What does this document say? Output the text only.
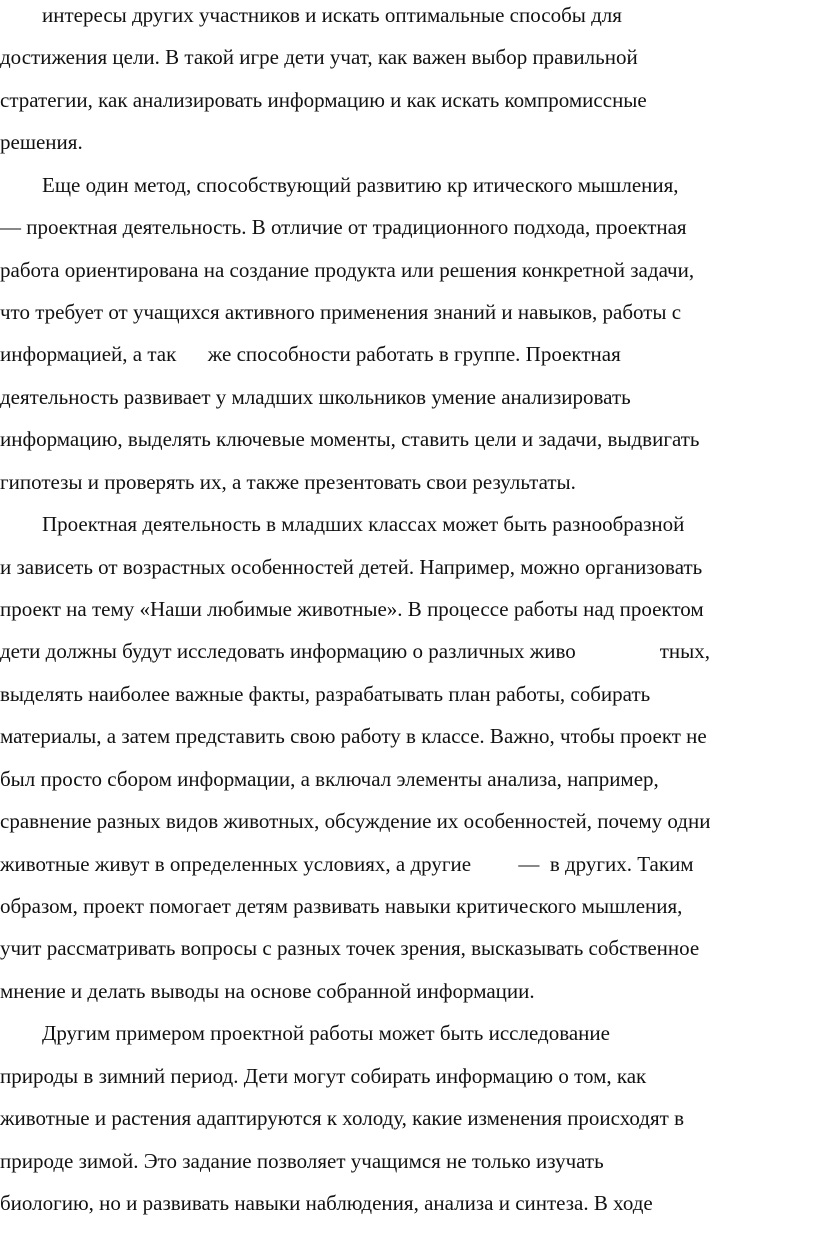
интересы других участников и искать оптимальные способы для

достижения цели. В такой игре дети учат, как важен выбор правильной

стратегии, как анализировать информацию и как искать компромиссные

решения.

Еще один метод, способствующий развитию кр итического мышления,

— проектная деятельность. В отличие от традиционного подхода, проектная

работа ориентирована на создание продукта или решения конкретной задачи,

что требует от учащихся активного применения знаний и навыков, работы с

информацией, а так      же способности работать в группе. Проектная

деятельность развивает у младших школьников умение анализировать

информацию, выделять ключевые моменты, ставить цели и задачи, выдвигать

гипотезы и проверять их, а также презентовать свои результаты.

Проектная деятельность в младших классах может быть разнообразной

и зависеть от возрастных особенностей детей. Например, можно организовать

проект на тему «Наши любимые животные». В процессе работы над проектом

дети должны будут исследовать информацию о различных живо                тных,

выделять наиболее важные факты, разрабатывать план работы, собирать

материалы, а затем представить свою работу в классе. Важно, чтобы проект не

был просто сбором информации, а включал элементы анализа, например,

сравнение разных видов животных, обсуждение их особенностей, почему одни

животные живут в определенных условиях, а другие         —  в других. Таким

образом, проект помогает детям развивать навыки критического мышления,

учит рассматривать вопросы с разных точек зрения, высказывать собственное

мнение и делать выводы на основе собранной информации.

Другим примером проектной работы может быть исследование

природы в зимний период. Дети могут собирать информацию о том, как

животные и растения адаптируются к холоду, какие изменения происходят в

природе зимой. Это задание позволяет учащимся не только изучать

биологию, но и развивать навыки наблюдения, анализа и синтеза. В ходе
